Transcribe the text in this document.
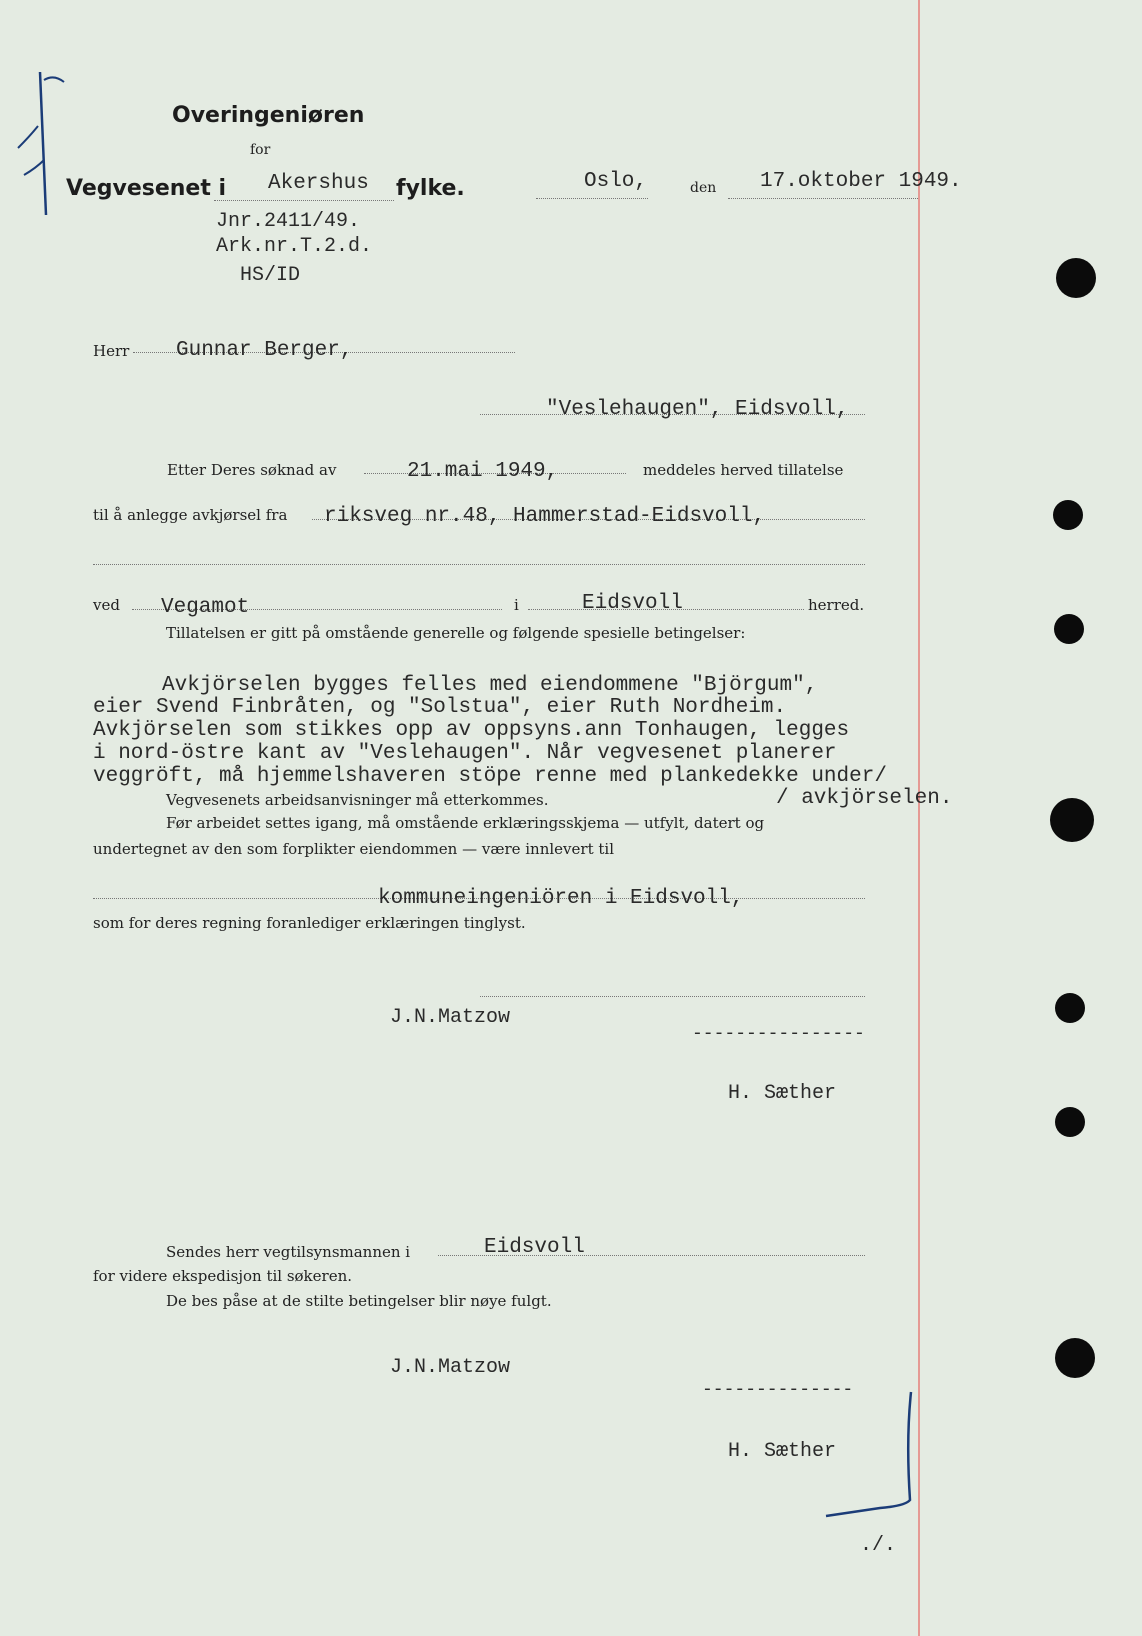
Overingeniøren
for
Vegvesenet i Akershus fylke.	Oslo,	den 17.oktober 1949.
Jnr.2411/49.
Ark.nr.T.2.d.
HS/ID
Herr Gunnar Berger,
"Veslehaugen", Eidsvoll,
Etter Deres søknad av	21.mai 1949,	meddeles herved tillatelse
til å anlegge avkjørsel fra riksveg nr.48, Hammerstad-Eidsvoll,
ved Vegamot	i	Eidsvoll	herred.
Tillatelsen er gitt på omstående generelle og følgende spesielle betingelser:
Avkjörselen bygges felles med eiendommene "Björgum",
eier Svend Finbråten, og "Solstua", eier Ruth Nordheim.
Avkjörselen som stikkes opp av oppsyns.ann Tonhaugen, legges
i nord-östre kant av "Veslehaugen". Når vegvesenet planerer
veggröft, må hjemmelshaveren stöpe renne med plankedekke under/
Vegvesenets arbeidsanvisninger må etterkommes.	/ avkjörselen.
Før arbeidet settes igang, må omstående erklæringsskjema — utfylt, datert og
undertegnet av den som forplikter eiendommen — være innlevert til
kommuneingeniören i Eidsvoll,
som for deres regning foranlediger erklæringen tinglyst.
J.N.Matzow
----------------
H. Sæther
Sendes herr vegtilsynsmannen i	Eidsvoll
for videre ekspedisjon til søkeren.
De bes påse at de stilte betingelser blir nøye fulgt.
J.N.Matzow
--------------
H. Sæther
./.
